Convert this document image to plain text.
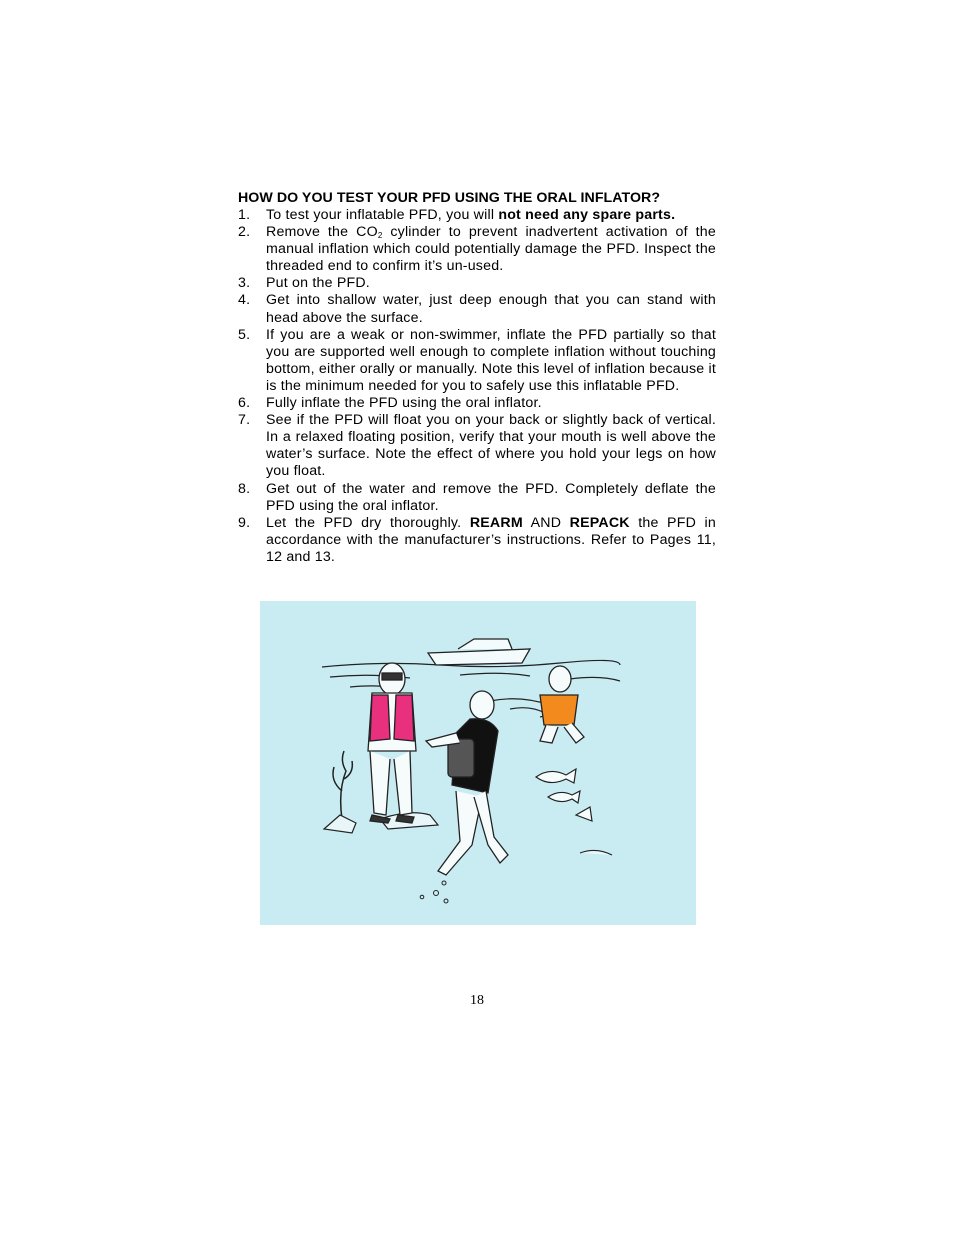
HOW DO YOU TEST YOUR PFD USING THE ORAL INFLATOR?

1. To test your inflatable PFD, you will not need any spare parts.
2. Remove the $CO_2$ cylinder to prevent inadvertent activation of the manual inflation which could potentially damage the PFD. Inspect the threaded end to confirm it’s un-used.
3. Put on the PFD.
4. Get into shallow water, just deep enough that you can stand with head above the surface.
5. If you are a weak or non-swimmer, inflate the PFD partially so that you are supported well enough to complete inflation without touching bottom, either orally or manually. Note this level of inflation because it is the minimum needed for you to safely use this inflatable PFD.
6. Fully inflate the PFD using the oral inflator.
7. See if the PFD will float you on your back or slightly back of vertical. In a relaxed floating position, verify that your mouth is well above the water’s surface. Note the effect of where you hold your legs on how you float.
8. Get out of the water and remove the PFD. Completely deflate the PFD using the oral inflator.
9. Let the PFD dry thoroughly. REARM AND REPACK the PFD in accordance with the manufacturer’s instructions. Refer to Pages 11, 12 and 13.
18
